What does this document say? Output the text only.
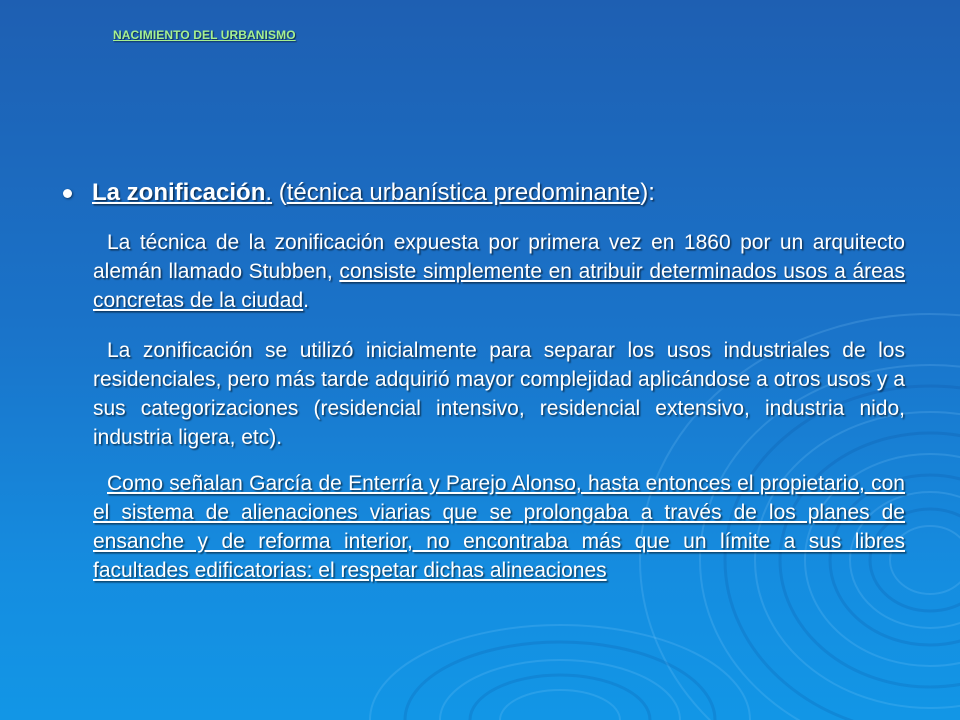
NACIMIENTO DEL URBANISMO
La zonificación. (técnica urbanística predominante):

La técnica de la zonificación expuesta por primera vez en 1860 por un arquitecto alemán llamado Stubben, consiste simplemente en atribuir determinados usos a áreas concretas de la ciudad.

La zonificación se utilizó inicialmente para separar los usos industriales de los residenciales, pero más tarde adquirió mayor complejidad aplicándose a otros usos y a sus categorizaciones (residencial intensivo, residencial extensivo, industria nido, industria ligera, etc).

Como señalan García de Enterría y Parejo Alonso, hasta entonces el propietario, con el sistema de alienaciones viarias que se prolongaba a través de los planes de ensanche y de reforma interior, no encontraba más que un límite a sus libres facultades edificatorias: el respetar dichas alineaciones
